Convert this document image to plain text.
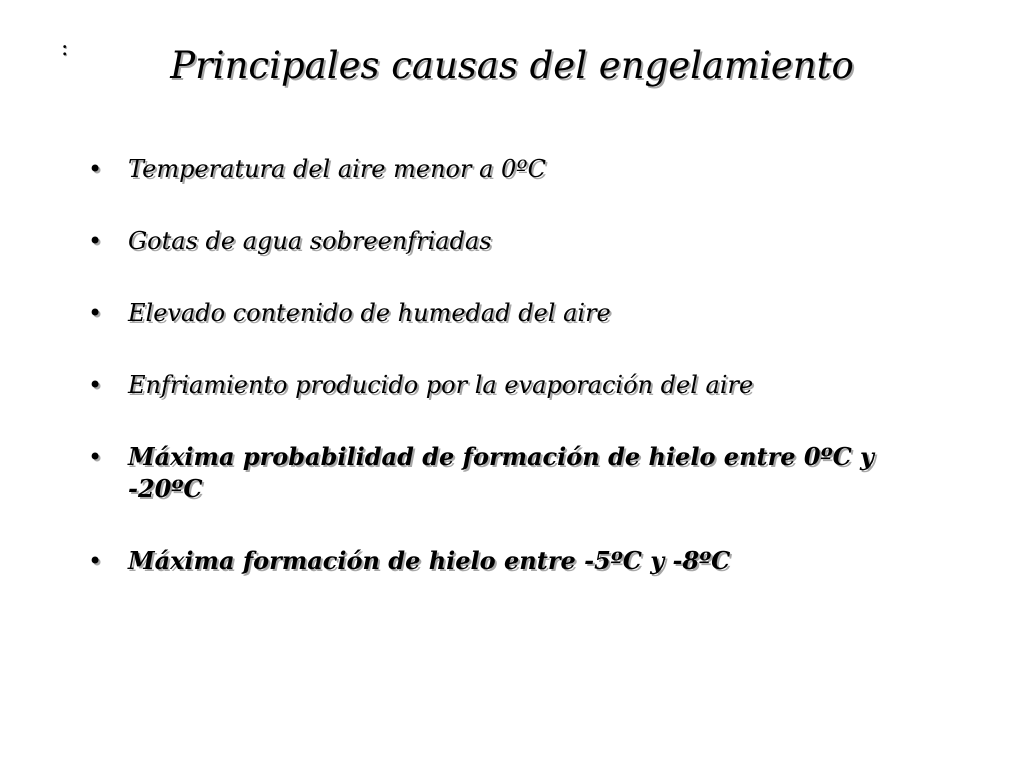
:	Principales causas del engelamiento
• Temperatura del aire menor a 0ºC
• Gotas de agua sobreenfriadas
• Elevado contenido de humedad del aire
• Enfriamiento producido por la evaporación del aire
• Máxima probabilidad de formación de hielo entre 0ºC y -20ºC
• Máxima formación de hielo entre -5ºC y -8ºC
